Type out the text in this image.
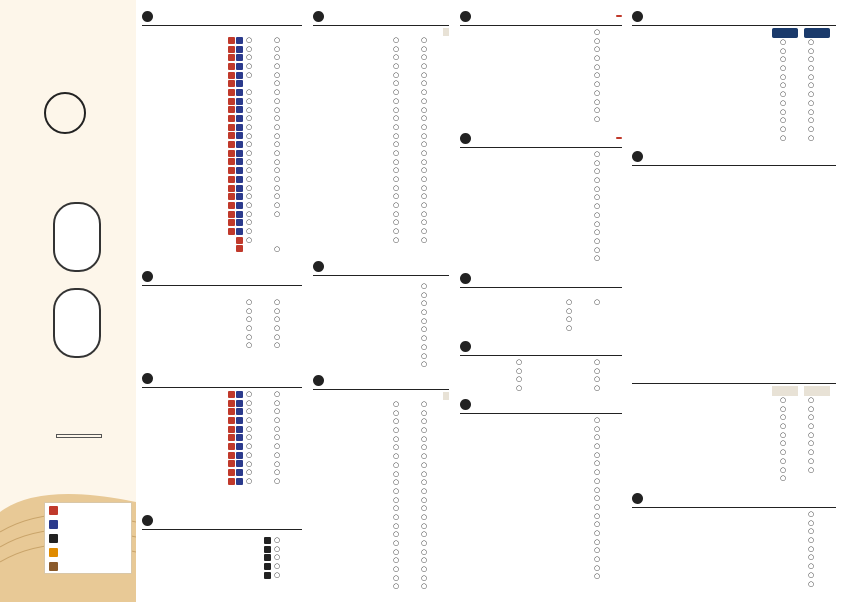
○
○
○
○
○
○
○
○
○
○
○
○
○
○
○
○
○
○
○
○
○
○
○
○
○
○
○
○
○
○
○
○
○
○
○
○
○
○
○
○
○
○
○
○
○
○
○
○
○
○
○
○
○
○
○
○
○
○
○
○
○
○
○
○
○
○
○
○
○
○
○
○
○
○
○
○
○
○
○
○
○
○
○
○
○
○
○
○
○
○
○
○
○
○
○
○
○
○
○
○
○
○
○
○
○
○
○
○
○
○
○
○
○
○
○
○
○
○
○
○
○
○
○
○
○
○
○
○
○
○
○
○
○
○
○
○
○
○
○
○
○
○
○
○
○
○
○
○
○
○
○
○
○
○
○
○
○
○
○
○
○
○
○
○
○
○
○
○
○
○
○
○
○
○
○
○
○
○
○
○
○
○
○
○
○
○
○
○
○
○
○
○
○
○
○
○
○
○
○
○
○
○
○
○
○
○
○
○
○
○
○
○
○
○
○
○
○
○
○
○
○
○
○
○
○
○
○
○
○
○
○
○
○
○
○
○
○
○
○
○
○
○
○
○
○
○
○
○
○
○
○
○
○
○
○
○
○
○
○
○
○
○
○
○
○
○
○
○
○
○
○
○
○
○
○
○
○
○
○
○
○
○
○
○
○
○
○
○
○
○
○
○
○
○
